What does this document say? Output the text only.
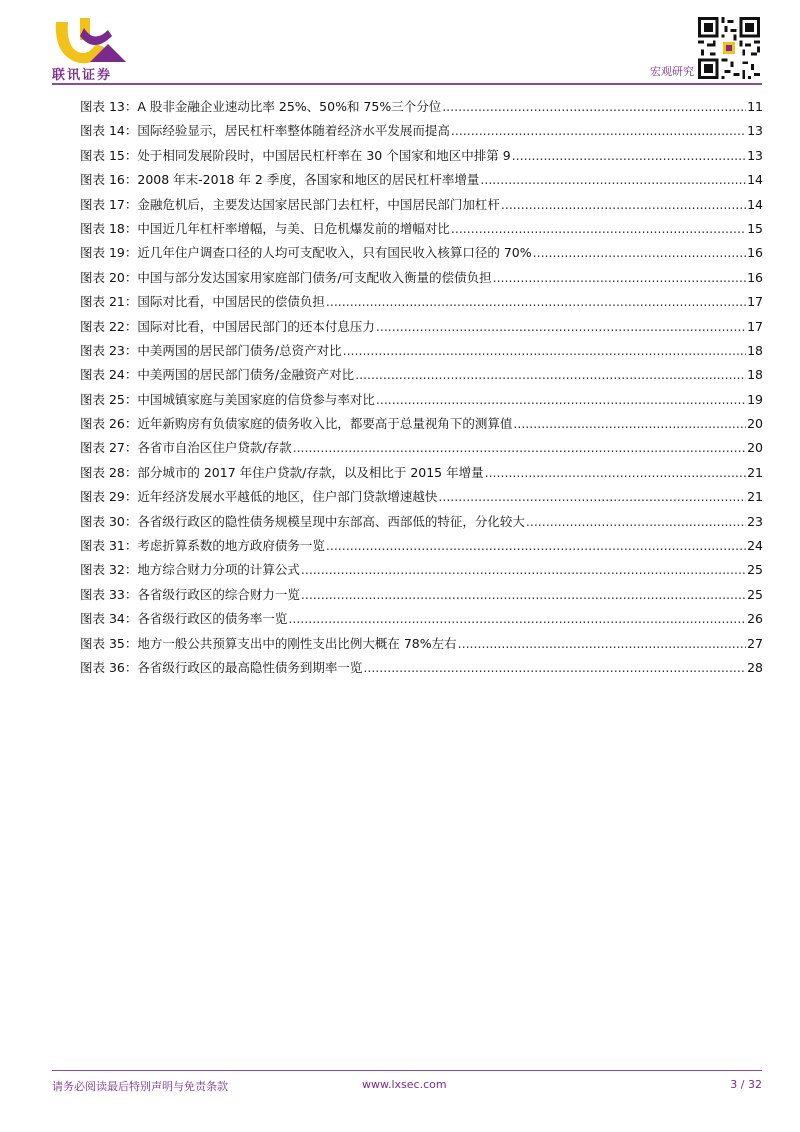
联讯证券	宏观研究
图表 13：A 股非金融企业速动比率 25%、50%和 75%三个分位 .....	11
图表 14：国际经验显示，居民杠杆率整体随着经济水平发展而提高 .....	13
图表 15：处于相同发展阶段时，中国居民杠杆率在 30 个国家和地区中排第 9 .....	13
图表 16：2008 年末-2018 年 2 季度，各国家和地区的居民杠杆率增量 .....	14
图表 17：金融危机后，主要发达国家居民部门去杠杆，中国居民部门加杠杆 .....	14
图表 18：中国近几年杠杆率增幅，与美、日危机爆发前的增幅对比 .....	15
图表 19：近几年住户调查口径的人均可支配收入，只有国民收入核算口径的 70% .....	16
图表 20：中国与部分发达国家用家庭部门债务/可支配收入衡量的偿债负担 .....	16
图表 21：国际对比看，中国居民的偿债负担 .....	17
图表 22：国际对比看，中国居民部门的还本付息压力 .....	17
图表 23：中美两国的居民部门债务/总资产对比 .....	18
图表 24：中美两国的居民部门债务/金融资产对比 .....	18
图表 25：中国城镇家庭与美国家庭的信贷参与率对比 .....	19
图表 26：近年新购房有负债家庭的债务收入比，都要高于总量视角下的测算值 .....	20
图表 27：各省市自治区住户贷款/存款 .....	20
图表 28：部分城市的 2017 年住户贷款/存款，以及相比于 2015 年增量 .....	21
图表 29：近年经济发展水平越低的地区，住户部门贷款增速越快 .....	21
图表 30：各省级行政区的隐性债务规模呈现中东部高、西部低的特征，分化较大 .....	23
图表 31：考虑折算系数的地方政府债务一览 .....	24
图表 32：地方综合财力分项的计算公式 .....	25
图表 33：各省级行政区的综合财力一览 .....	25
图表 34：各省级行政区的债务率一览 .....	26
图表 35：地方一般公共预算支出中的刚性支出比例大概在 78%左右 .....	27
图表 36：各省级行政区的最高隐性债务到期率一览 .....	28
请务必阅读最后特别声明与免责条款	www.lxsec.com	3 / 32
